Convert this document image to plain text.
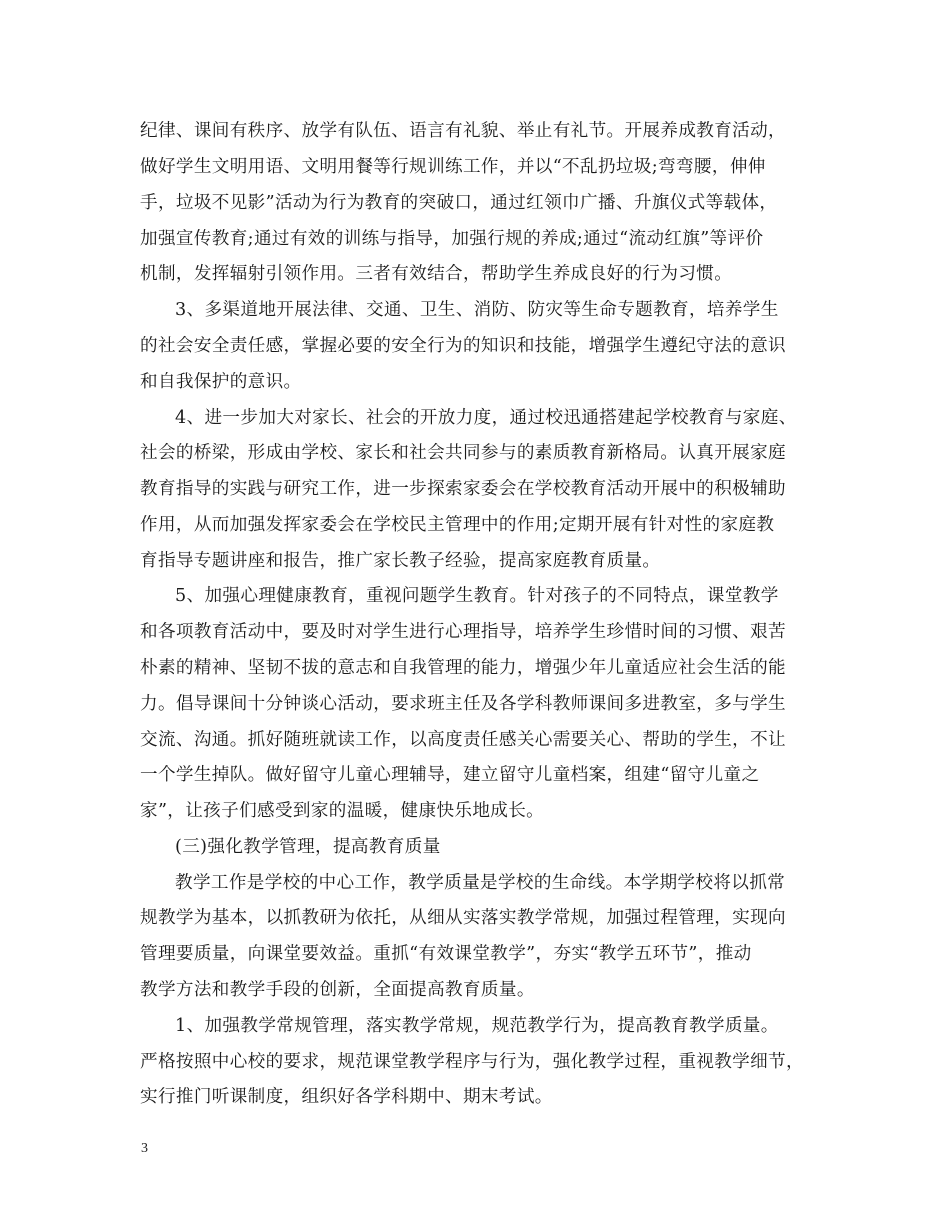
纪律、课间有秩序、放学有队伍、语言有礼貌、举止有礼节。开展养成教育活动，
做好学生文明用语、文明用餐等行规训练工作，并以“不乱扔垃圾;弯弯腰，伸伸
手，垃圾不见影”活动为行为教育的突破口，通过红领巾广播、升旗仪式等载体，
加强宣传教育;通过有效的训练与指导，加强行规的养成;通过“流动红旗”等评价
机制，发挥辐射引领作用。三者有效结合，帮助学生养成良好的行为习惯。
3、多渠道地开展法律、交通、卫生、消防、防灾等生命专题教育，培养学生
的社会安全责任感，掌握必要的安全行为的知识和技能，增强学生遵纪守法的意识
和自我保护的意识。
4、进一步加大对家长、社会的开放力度，通过校迅通搭建起学校教育与家庭、
社会的桥梁，形成由学校、家长和社会共同参与的素质教育新格局。认真开展家庭
教育指导的实践与研究工作，进一步探索家委会在学校教育活动开展中的积极辅助
作用，从而加强发挥家委会在学校民主管理中的作用;定期开展有针对性的家庭教
育指导专题讲座和报告，推广家长教子经验，提高家庭教育质量。
5、加强心理健康教育，重视问题学生教育。针对孩子的不同特点，课堂教学
和各项教育活动中，要及时对学生进行心理指导，培养学生珍惜时间的习惯、艰苦
朴素的精神、坚韧不拔的意志和自我管理的能力，增强少年儿童适应社会生活的能
力。倡导课间十分钟谈心活动，要求班主任及各学科教师课间多进教室，多与学生
交流、沟通。抓好随班就读工作，以高度责任感关心需要关心、帮助的学生，不让
一个学生掉队。做好留守儿童心理辅导，建立留守儿童档案，组建“留守儿童之
家”，让孩子们感受到家的温暖，健康快乐地成长。
(三)强化教学管理，提高教育质量
教学工作是学校的中心工作，教学质量是学校的生命线。本学期学校将以抓常
规教学为基本，以抓教研为依托，从细从实落实教学常规，加强过程管理，实现向
管理要质量，向课堂要效益。重抓“有效课堂教学”，夯实“教学五环节”，推动
教学方法和教学手段的创新，全面提高教育质量。
1、加强教学常规管理，落实教学常规，规范教学行为，提高教育教学质量。
严格按照中心校的要求，规范课堂教学程序与行为，强化教学过程，重视教学细节，
实行推门听课制度，组织好各学科期中、期末考试。
3
